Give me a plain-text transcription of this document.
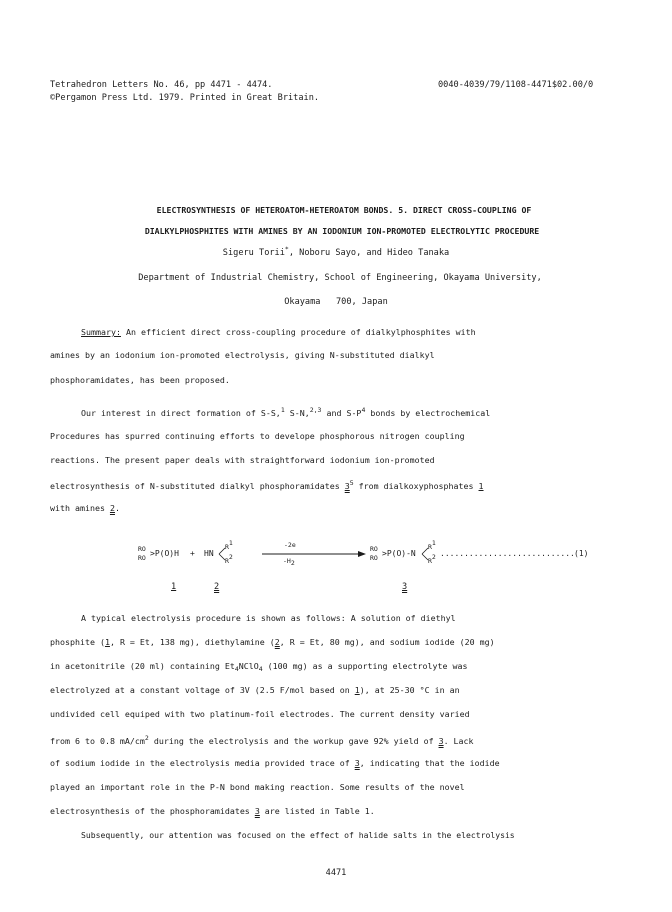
Tetrahedron Letters No. 46, pp 4471 - 4474.
©Pergamon Press Ltd. 1979. Printed in Great Britain.
0040-4039/79/1108-4471$02.00/0
ELECTROSYNTHESIS OF HETEROATOM-HETEROATOM BONDS. 5. DIRECT CROSS-COUPLING OF
DIALKYLPHOSPHITES WITH AMINES BY AN IODONIUM ION-PROMOTED ELECTROLYTIC PROCEDURE
Sigeru Torii*, Noboru Sayo, and Hideo Tanaka
Department of Industrial Chemistry, School of Engineering, Okayama University,
Okayama 700, Japan
Summary: An efficient direct cross-coupling procedure of dialkylphosphites with
amines by an iodonium ion-promoted electrolysis, giving N-substituted dialkyl
phosphoramidates, has been proposed.
Our interest in direct formation of S-S,$^1$ S-N,$^{2,3}$ and $S-P^4$ bonds by electrochemical
Procedures has spurred continuing efforts to develope phosphorous nitrogen coupling
reactions. The present paper deals with straightforward iodonium ion-promoted
electrosynthesis of N-substituted dialkyl phosphoramidates $3^5$ from dialkoxyphosphates 1
with amines 2.
RO
RO >P(O)H + HN
$R^1$
$R^2$
-2e
$-H_2$
RO
RO >P(O)-N
$R^1$
$R^2$ ............................ (1)
1	2	3
A typical electrolysis procedure is shown as follows: A solution of diethyl
phosphite (1, R = Et, 138 mg), diethylamine (2, R = Et, 80 mg), and sodium iodide (20 mg)
in acetonitrile (20 ml) containing $Et_4NClO_4$ (100 mg) as a supporting electrolyte was
electrolyzed at a constant voltage of 3V (2.5 F/mol based on 1), at 25-30 °C in an
undivided cell equiped with two platinum-foil electrodes. The current density varied
from 6 to 0.8 $mA/cm^2$ during the electrolysis and the workup gave 92% yield of 3. Lack
of sodium iodide in the electrolysis media provided trace of 3, indicating that the iodide
played an important role in the P-N bond making reaction. Some results of the novel
electrosynthesis of the phosphoramidates 3 are listed in Table 1.
Subsequently, our attention was focused on the effect of halide salts in the electrolysis
4471
